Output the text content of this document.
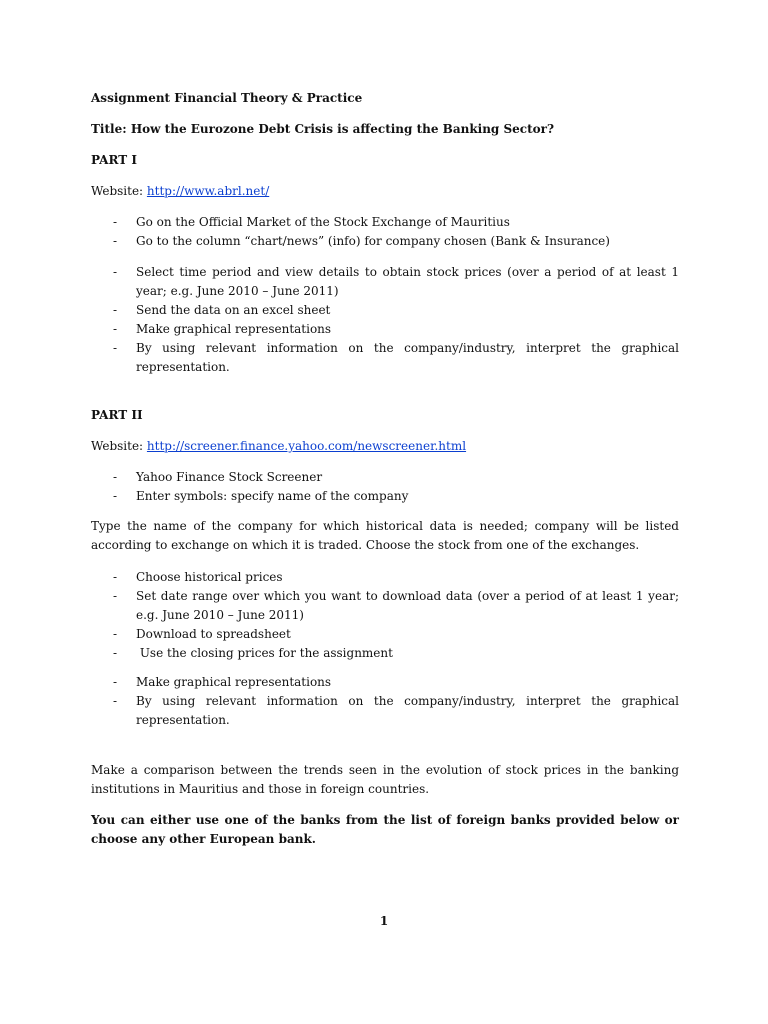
Assignment Financial Theory & Practice

Title: How the Eurozone Debt Crisis is affecting the Banking Sector?

PART I

Website: http://www.abrl.net/

- Go on the Official Market of the Stock Exchange of Mauritius
- Go to the column “chart/news” (info) for company chosen (Bank & Insurance)
- Select time period and view details to obtain stock prices (over a period of at least 1 year; e.g. June 2010 – June 2011)
- Send the data on an excel sheet
- Make graphical representations
- By using relevant information on the company/industry, interpret the graphical representation.

PART II

Website: http://screener.finance.yahoo.com/newscreener.html

- Yahoo Finance Stock Screener
- Enter symbols: specify name of the company

Type the name of the company for which historical data is needed; company will be listed according to exchange on which it is traded. Choose the stock from one of the exchanges.

- Choose historical prices
- Set date range over which you want to download data (over a period of at least 1 year; e.g. June 2010 – June 2011)
- Download to spreadsheet
- Use the closing prices for the assignment
- Make graphical representations
- By using relevant information on the company/industry, interpret the graphical representation.

Make a comparison between the trends seen in the evolution of stock prices in the banking institutions in Mauritius and those in foreign countries.

You can either use one of the banks from the list of foreign banks provided below or choose any other European bank.

1
